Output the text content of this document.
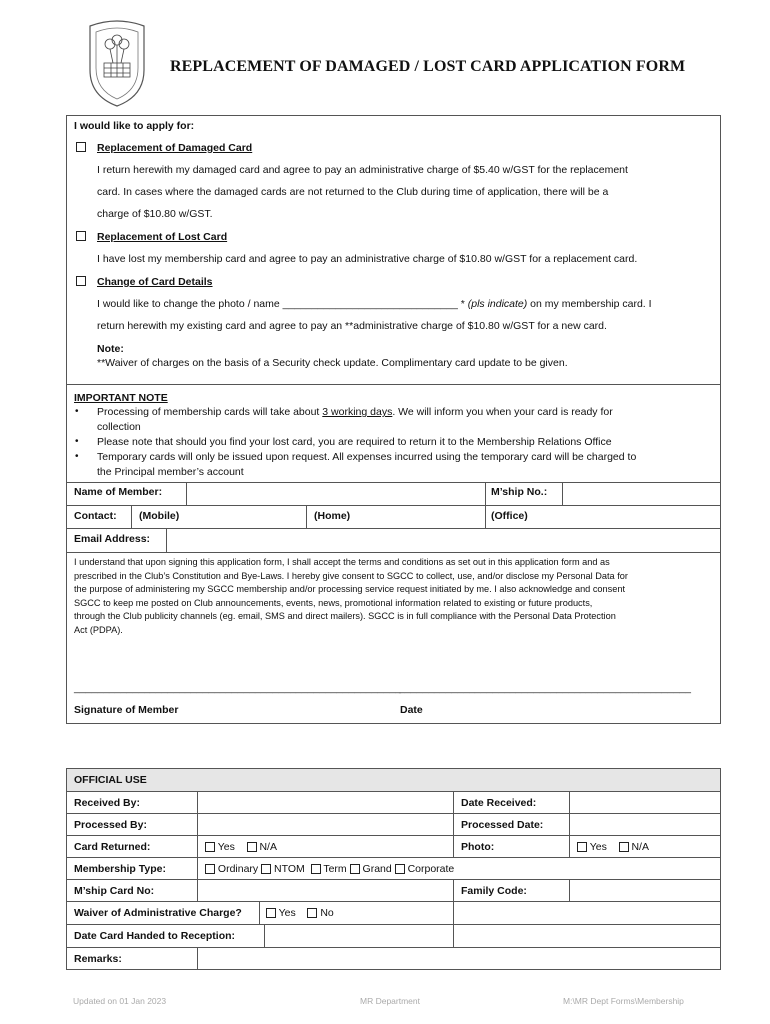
REPLACEMENT OF DAMAGED / LOST CARD APPLICATION FORM
I would like to apply for:
Replacement of Damaged Card
I return herewith my damaged card and agree to pay an administrative charge of $5.40 w/GST for the replacement
card. In cases where the damaged cards are not returned to the Club during time of application, there will be a
charge of $10.80 w/GST.
Replacement of Lost Card
I have lost my membership card and agree to pay an administrative charge of $10.80 w/GST for a replacement card.
Change of Card Details
I would like to change the photo / name ______________________________ * (pls indicate) on my membership card. I
return herewith my existing card and agree to pay an **administrative charge of $10.80 w/GST for a new card.
Note:
**Waiver of charges on the basis of a Security check update. Complimentary card update to be given.
IMPORTANT NOTE
• Processing of membership cards will take about 3 working days. We will inform you when your card is ready for
collection
• Please note that should you find your lost card, you are required to return it to the Membership Relations Office
• Temporary cards will only be issued upon request. All expenses incurred using the temporary card will be charged to
the Principal member’s account
Name of Member:	M’ship No.:
Contact: (Mobile)	(Home)	(Office)
Email Address:
I understand that upon signing this application form, I shall accept the terms and conditions as set out in this application form and as
prescribed in the Club’s Constitution and Bye-Laws. I hereby give consent to SGCC to collect, use, and/or disclose my Personal Data for
the purpose of administering my SGCC membership and/or processing service request initiated by me. I also acknowledge and consent
SGCC to keep me posted on Club announcements, events, news, promotional information related to existing or future products,
through the Club publicity channels (eg. email, SMS and direct mailers). SGCC is in full compliance with the Personal Data Protection
Act (PDPA).
________________________________________________________
__________________________________________________
Signature of Member	Date
OFFICIAL USE			
Received By:		Date Received:	
Processed By:		Processed Date:	
Card Returned:	Yes N/A	Photo:	Yes N/A
Membership Type:	Ordinary NTOM Term Grand Corporate		
M’ship Card No:		Family Code:	
Waiver of Administrative Charge? Yes No			
Date Card Handed to Reception:			
Remarks:			
Updated on 01 Jan 2023	MR Department	M:\MR Dept Forms\Membership
